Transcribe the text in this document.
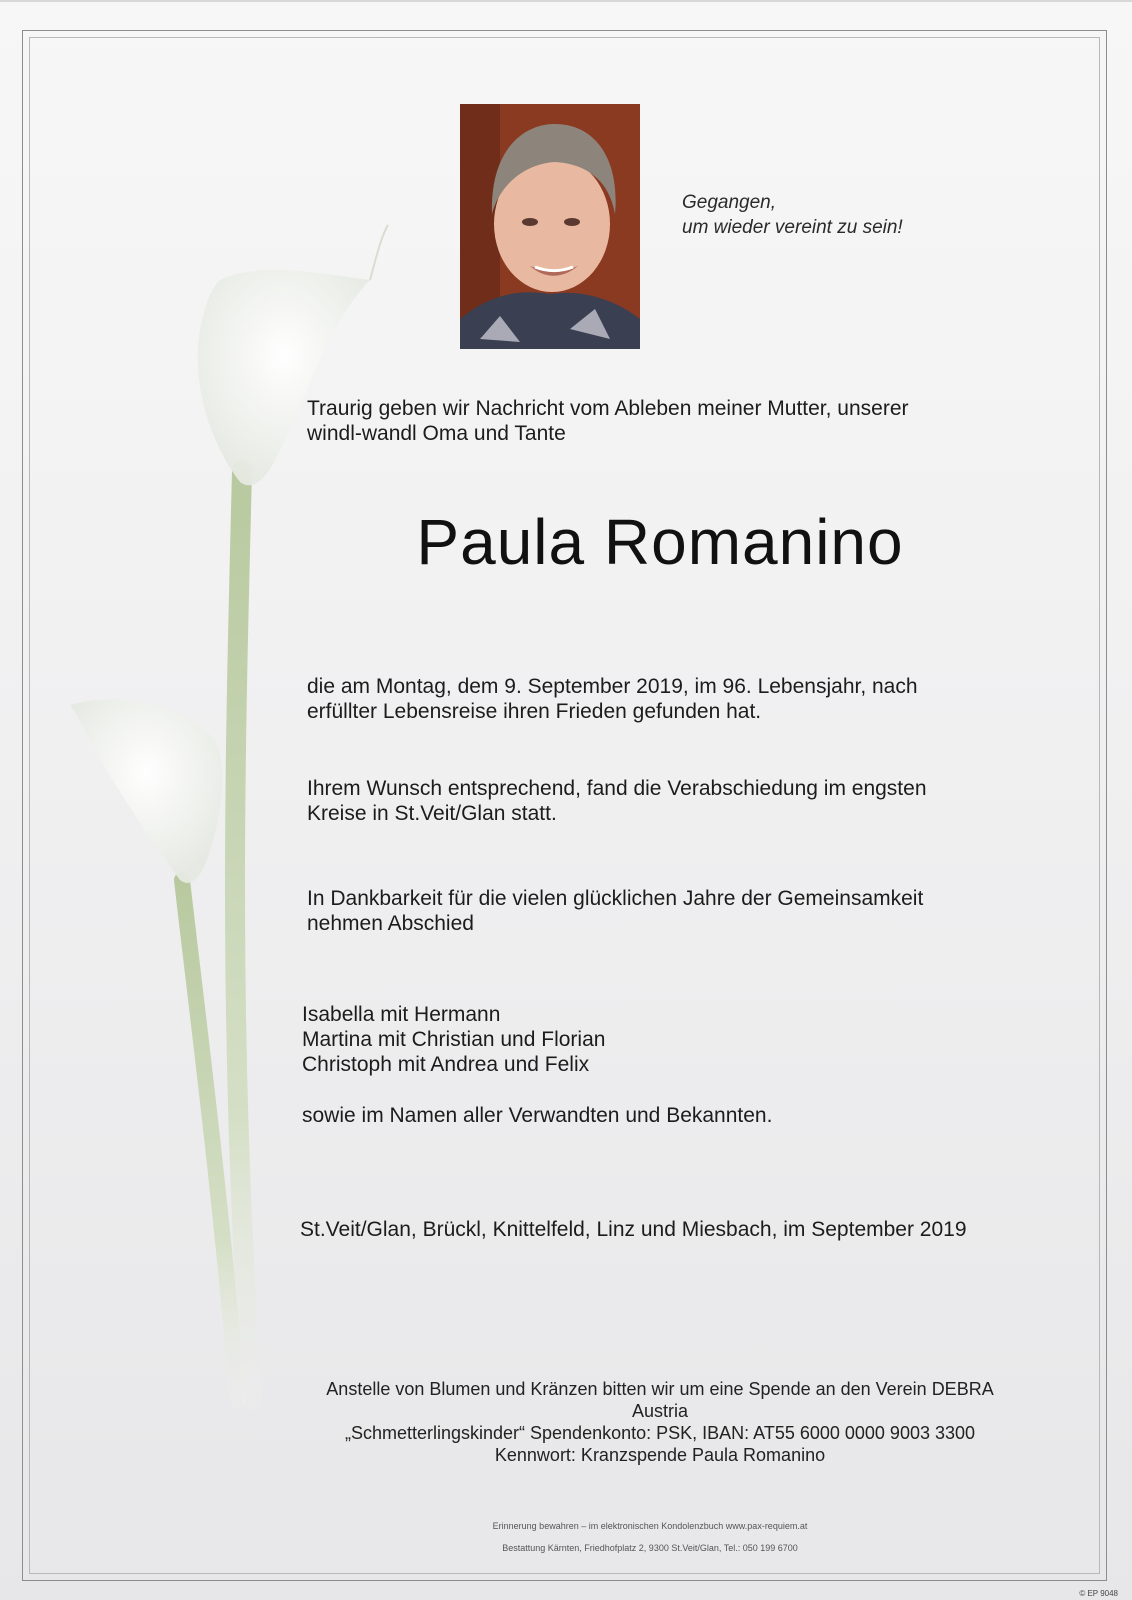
Gegangen,
um wieder vereint zu sein!
Traurig geben wir Nachricht vom Ableben meiner Mutter, unserer
windl-wandl Oma und Tante
Paula Romanino
die am Montag, dem 9. September 2019, im 96. Lebensjahr, nach
erfüllter Lebensreise ihren Frieden gefunden hat.
Ihrem Wunsch entsprechend, fand die Verabschiedung im engsten
Kreise in St.Veit/Glan statt.
In Dankbarkeit für die vielen glücklichen Jahre der Gemeinsamkeit
nehmen Abschied
Isabella mit Hermann
Martina mit Christian und Florian
Christoph mit Andrea und Felix
sowie im Namen aller Verwandten und Bekannten.
St.Veit/Glan, Brückl, Knittelfeld, Linz und Miesbach, im September 2019
Anstelle von Blumen und Kränzen bitten wir um eine Spende an den Verein DEBRA Austria
„Schmetterlingskinder“ Spendenkonto: PSK, IBAN: AT55 6000 0000 9003 3300
Kennwort: Kranzspende Paula Romanino
Erinnerung bewahren – im elektronischen Kondolenzbuch www.pax-requiem.at
Bestattung Kärnten, Friedhofplatz 2, 9300 St.Veit/Glan, Tel.: 050 199 6700
© EP 9048
